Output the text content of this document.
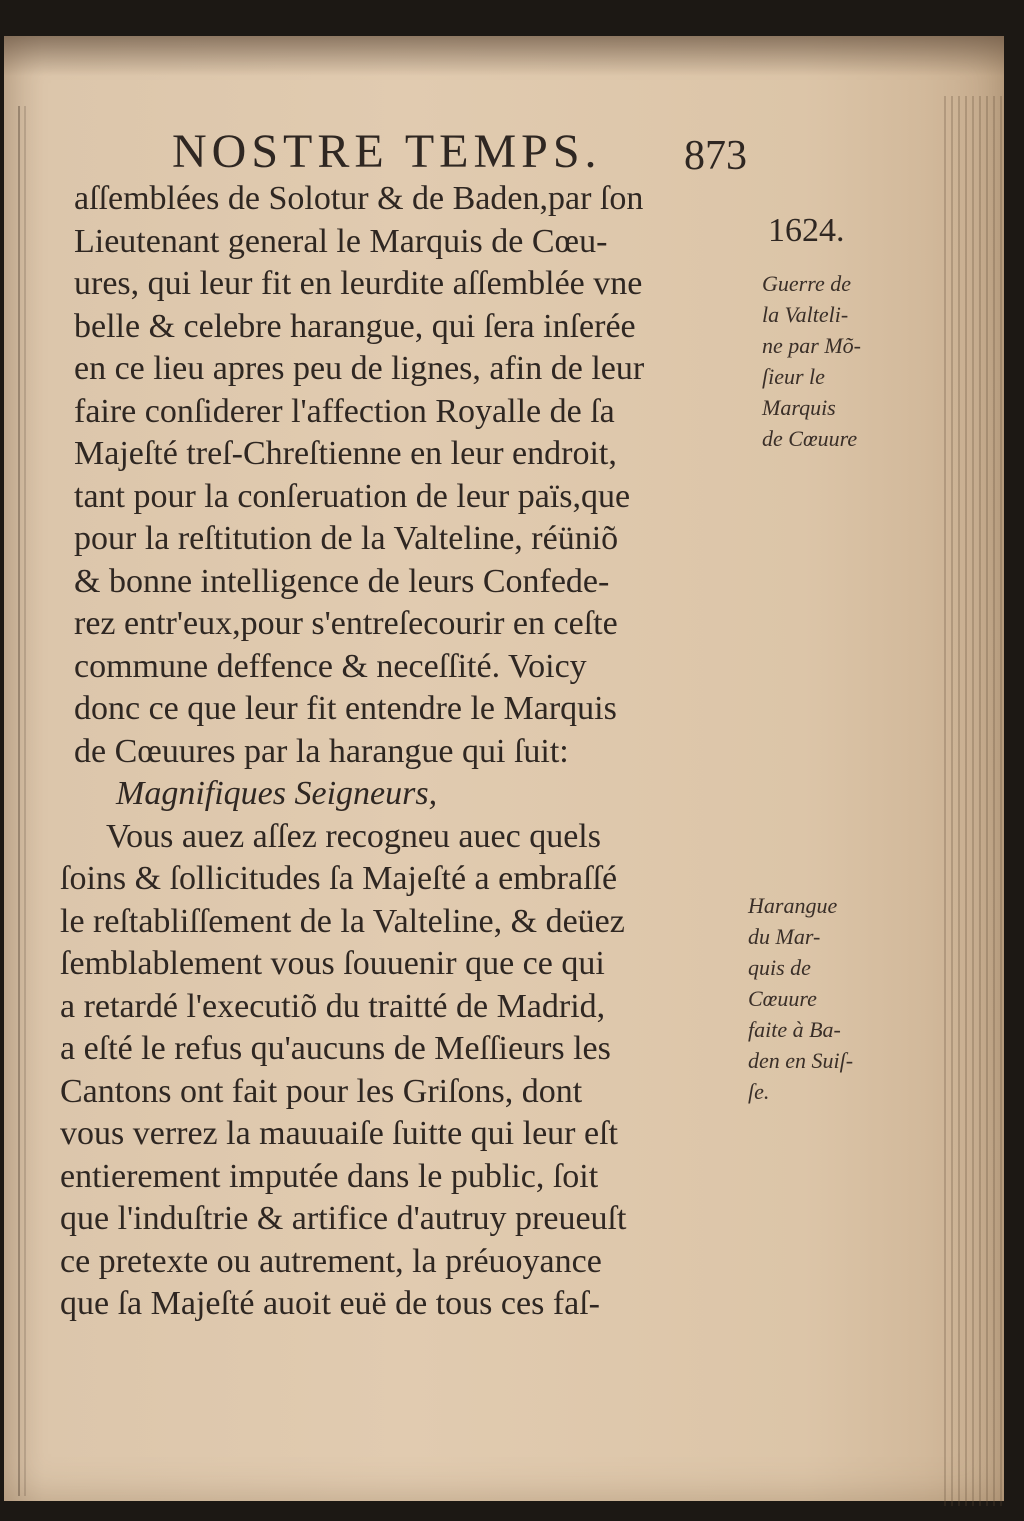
NOSTRE TEMPS. 873
1624.
Guerre de
la Valteli-
ne par Mõ-
ſieur le
Marquis
de Cœuure
Harangue
du Mar-
quis de
Cœuure
faite à Ba-
den en Suiſ-
ſe.
aſſemblées de Solotur & de Baden,par ſon
Lieutenant general le Marquis de Cœu-
ures, qui leur fit en leurdite aſſemblée vne
belle & celebre harangue, qui ſera inſerée
en ce lieu apres peu de lignes, afin de leur
faire conſiderer l'affection Royalle de ſa
Majeſté treſ-Chreſtienne en leur endroit,
tant pour la conſeruation de leur païs,que
pour la reſtitution de la Valteline, réüniõ
& bonne intelligence de leurs Confede-
rez entr'eux,pour s'entreſecourir en ceſte
commune deffence & neceſſité. Voicy
donc ce que leur fit entendre le Marquis
de Cœuures par la harangue qui ſuit:
Magnifiques Seigneurs,
Vous auez aſſez recogneu auec quels
ſoins & ſollicitudes ſa Majeſté a embraſſé
le reſtabliſſement de la Valteline, & deüez
ſemblablement vous ſouuenir que ce qui
a retardé l'executiõ du traitté de Madrid,
a eſté le refus qu'aucuns de Meſſieurs les
Cantons ont fait pour les Griſons, dont
vous verrez la mauuaiſe ſuitte qui leur eſt
entierement imputée dans le public, ſoit
que l'induſtrie & artifice d'autruy preueuſt
ce pretexte ou autrement, la préuoyance
que ſa Majeſté auoit euë de tous ces faſ-
